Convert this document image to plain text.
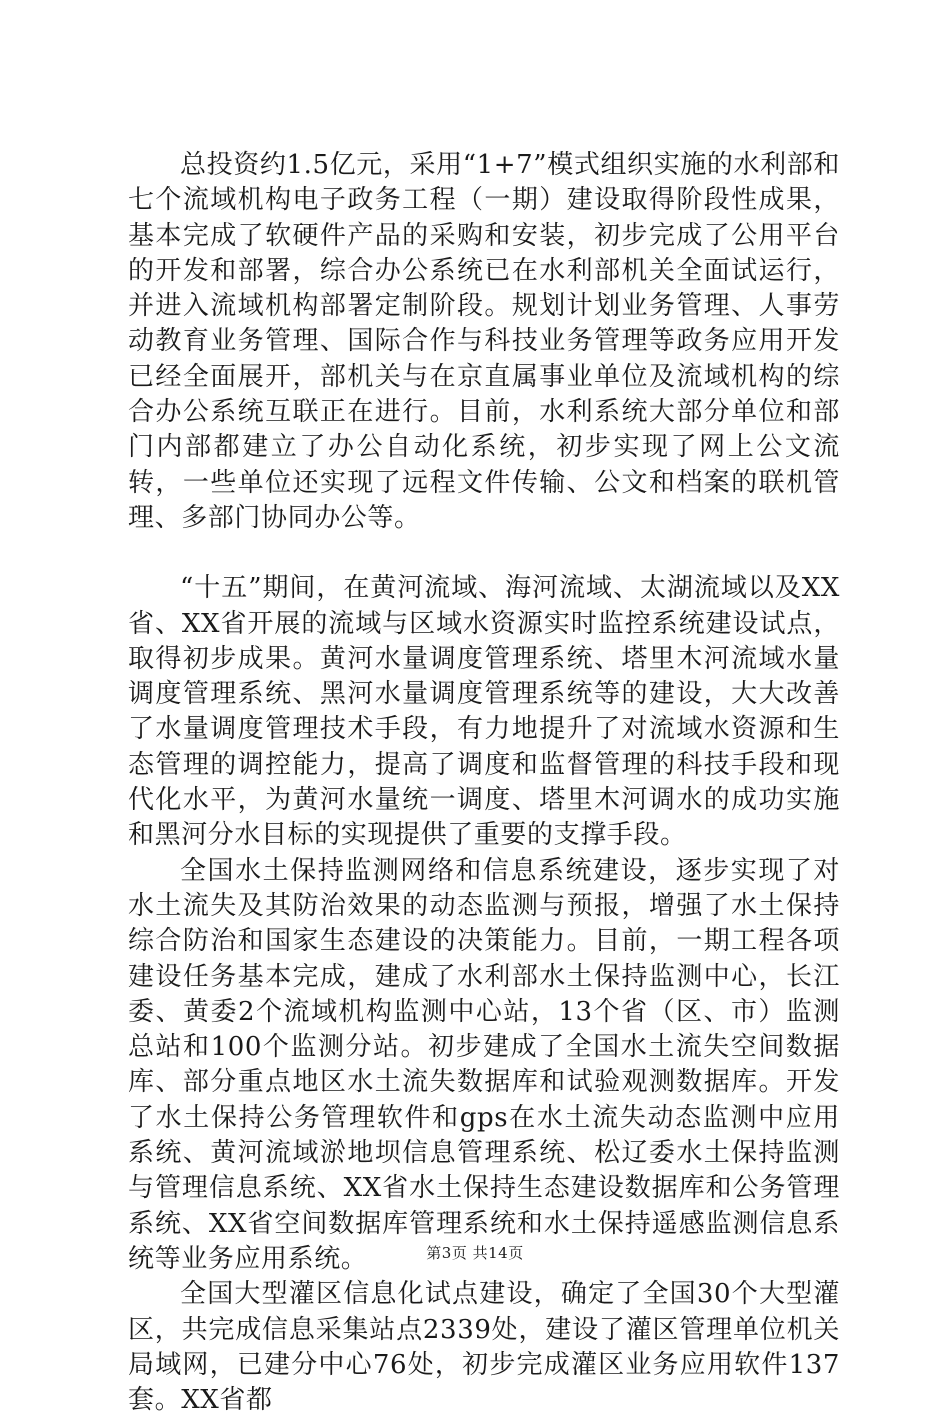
总投资约1.5亿元，采用“1+7”模式组织实施的水利部和七个流域机构电子政务工程（一期）建设取得阶段性成果，基本完成了软硬件产品的采购和安装，初步完成了公用平台的开发和部署，综合办公系统已在水利部机关全面试运行，并进入流域机构部署定制阶段。规划计划业务管理、人事劳动教育业务管理、国际合作与科技业务管理等政务应用开发已经全面展开，部机关与在京直属事业单位及流域机构的综合办公系统互联正在进行。目前，水利系统大部分单位和部门内部都建立了办公自动化系统，初步实现了网上公文流转，一些单位还实现了远程文件传输、公文和档案的联机管理、多部门协同办公等。

“十五”期间，在黄河流域、海河流域、太湖流域以及XX省、XX省开展的流域与区域水资源实时监控系统建设试点，取得初步成果。黄河水量调度管理系统、塔里木河流域水量调度管理系统、黑河水量调度管理系统等的建设，大大改善了水量调度管理技术手段，有力地提升了对流域水资源和生态管理的调控能力，提高了调度和监督管理的科技手段和现代化水平，为黄河水量统一调度、塔里木河调水的成功实施和黑河分水目标的实现提供了重要的支撑手段。

全国水土保持监测网络和信息系统建设，逐步实现了对水土流失及其防治效果的动态监测与预报，增强了水土保持综合防治和国家生态建设的决策能力。目前，一期工程各项建设任务基本完成，建成了水利部水土保持监测中心，长江委、黄委2个流域机构监测中心站，13个省（区、市）监测总站和100个监测分站。初步建成了全国水土流失空间数据库、部分重点地区水土流失数据库和试验观测数据库。开发了水土保持公务管理软件和gps在水土流失动态监测中应用系统、黄河流域淤地坝信息管理系统、松辽委水土保持监测与管理信息系统、XX省水土保持生态建设数据库和公务管理系统、XX省空间数据库管理系统和水土保持遥感监测信息系统等业务应用系统。

全国大型灌区信息化试点建设，确定了全国30个大型灌区，共完成信息采集站点2339处，建设了灌区管理单位机关局域网，已建分中心76处，初步完成灌区业务应用软件137套。XX省都

第3页 共14页
